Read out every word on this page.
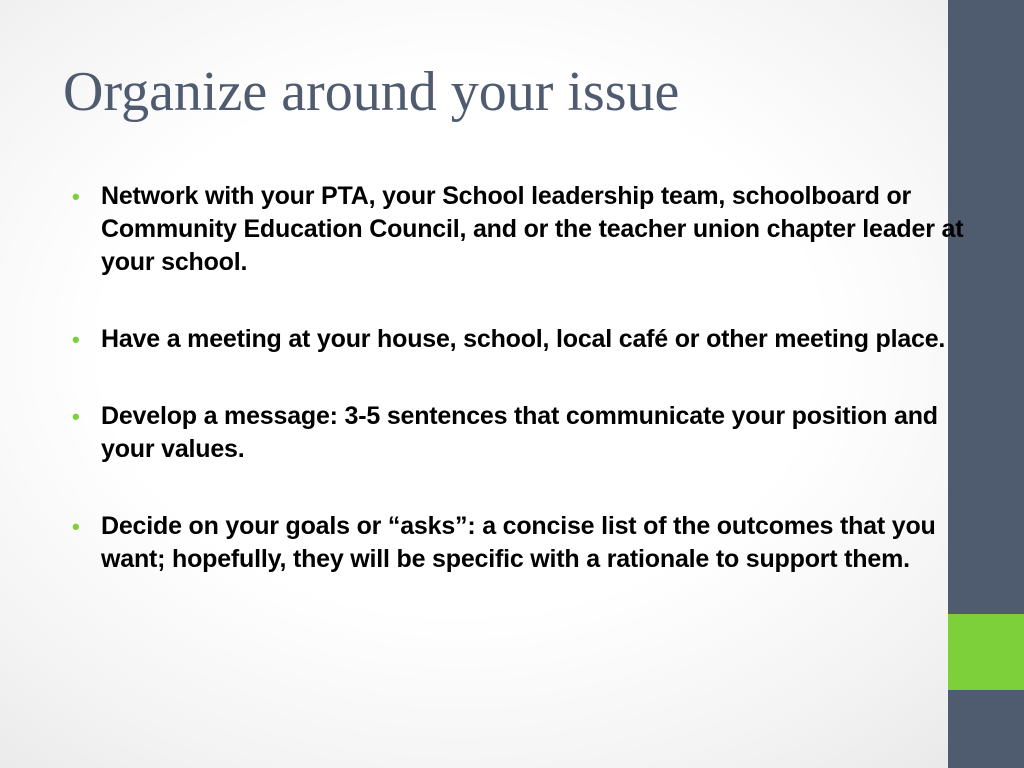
Organize around your issue
• Network with your PTA, your School leadership team, schoolboard or Community Education Council, and or the teacher union chapter leader at your school.
• Have a meeting at your house, school, local café or other meeting place.
• Develop a message: 3-5 sentences that communicate your position and your values.
• Decide on your goals or “asks”: a concise list of the outcomes that you want; hopefully, they will be specific with a rationale to support them.
